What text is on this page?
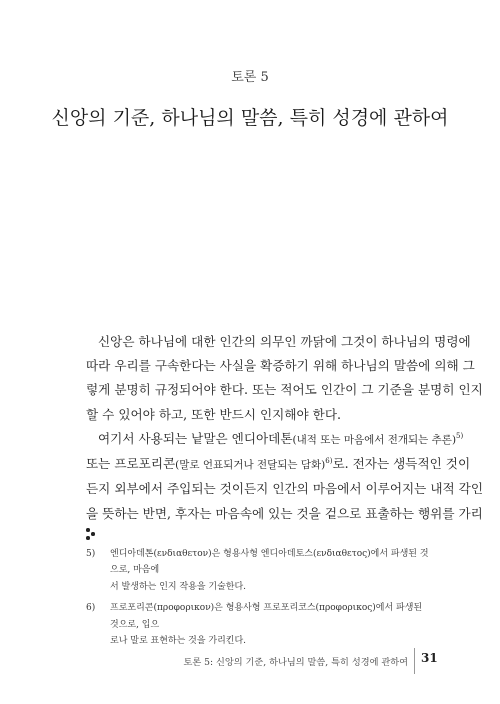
토론 5
신앙의 기준, 하나님의 말씀, 특히 성경에 관하여
신앙은 하나님에 대한 인간의 의무인 까닭에 그것이 하나님의 명령에
따라 우리를 구속한다는 사실을 확증하기 위해 하나님의 말씀에 의해 그
렇게 분명히 규정되어야 한다. 또는 적어도 인간이 그 기준을 분명히 인지
할 수 있어야 하고, 또한 반드시 인지해야 한다.
여기서 사용되는 낱말은 엔디아데톤(내적 또는 마음에서 전개되는 추론)$^{5)}$
또는 프로포리콘(말로 언표되거나 전달되는 담화)$^{6)}$로. 전자는 생득적인 것이
든지 외부에서 주입되는 것이든지 인간의 마음에서 이루어지는 내적 각인
을 뜻하는 반면, 후자는 마음속에 있는 것을 겉으로 표출하는 행위를 가리
5) 엔디아데톤(ενδιαθετον)은 형용사형 엔디아데토스(ενδιαθετος)에서 파생된 것으로, 마음에
서 발생하는 인지 작용을 기술한다.
6) 프로포리콘(προφορικον)은 형용사형 프로포리코스(προφορικος)에서 파생된 것으로, 입으
로나 말로 표현하는 것을 가리킨다.
토론 5: 신앙의 기준, 하나님의 말씀, 특히 성경에 관하여 31
